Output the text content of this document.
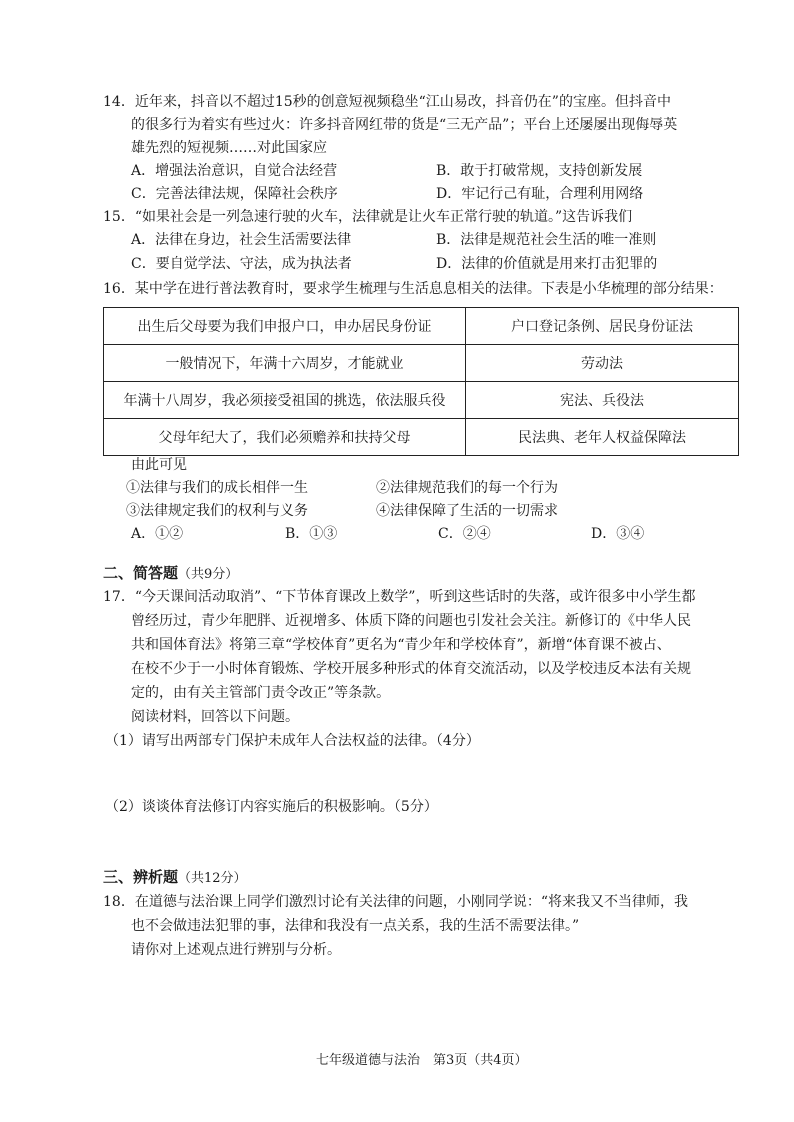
14．近年来，抖音以不超过15秒的创意短视频稳坐“江山易改，抖音仍在”的宝座。但抖音中
的很多行为着实有些过火：许多抖音网红带的货是“三无产品”；平台上还屡屡出现侮辱英
雄先烈的短视频……对此国家应
A．增强法治意识，自觉合法经营	B．敢于打破常规，支持创新发展
C．完善法律法规，保障社会秩序	D．牢记行己有耻，合理利用网络
15．“如果社会是一列急速行驶的火车，法律就是让火车正常行驶的轨道。”这告诉我们
A．法律在身边，社会生活需要法律	B．法律是规范社会生活的唯一准则
C．要自觉学法、守法，成为执法者	D．法律的价值就是用来打击犯罪的
16．某中学在进行普法教育时，要求学生梳理与生活息息相关的法律。下表是小华梳理的部分结果：
出生后父母要为我们申报户口，申办居民身份证	户口登记条例、居民身份证法
一般情况下，年满十六周岁，才能就业	劳动法
年满十八周岁，我必须接受祖国的挑选，依法服兵役	宪法、兵役法
父母年纪大了，我们必须赡养和扶持父母	民法典、老年人权益保障法
由此可见
①法律与我们的成长相伴一生	②法律规范我们的每一个行为
③法律规定我们的权利与义务	④法律保障了生活的一切需求
A．①②	B．①③	C．②④	D．③④
二、简答题（共9分）
17．“今天课间活动取消”、“下节体育课改上数学”，听到这些话时的失落，或许很多中小学生都
曾经历过，青少年肥胖、近视增多、体质下降的问题也引发社会关注。新修订的《中华人民
共和国体育法》将第三章“学校体育”更名为“青少年和学校体育”，新增“体育课不被占、
在校不少于一小时体育锻炼、学校开展多种形式的体育交流活动，以及学校违反本法有关规
定的，由有关主管部门责令改正”等条款。
阅读材料，回答以下问题。
（1）请写出两部专门保护未成年人合法权益的法律。（4分）
（2）谈谈体育法修订内容实施后的积极影响。（5分）
三、辨析题（共12分）
18．在道德与法治课上同学们激烈讨论有关法律的问题，小刚同学说：“将来我又不当律师，我
也不会做违法犯罪的事，法律和我没有一点关系，我的生活不需要法律。”
请你对上述观点进行辨别与分析。
七年级道德与法治　第3页（共4页）
